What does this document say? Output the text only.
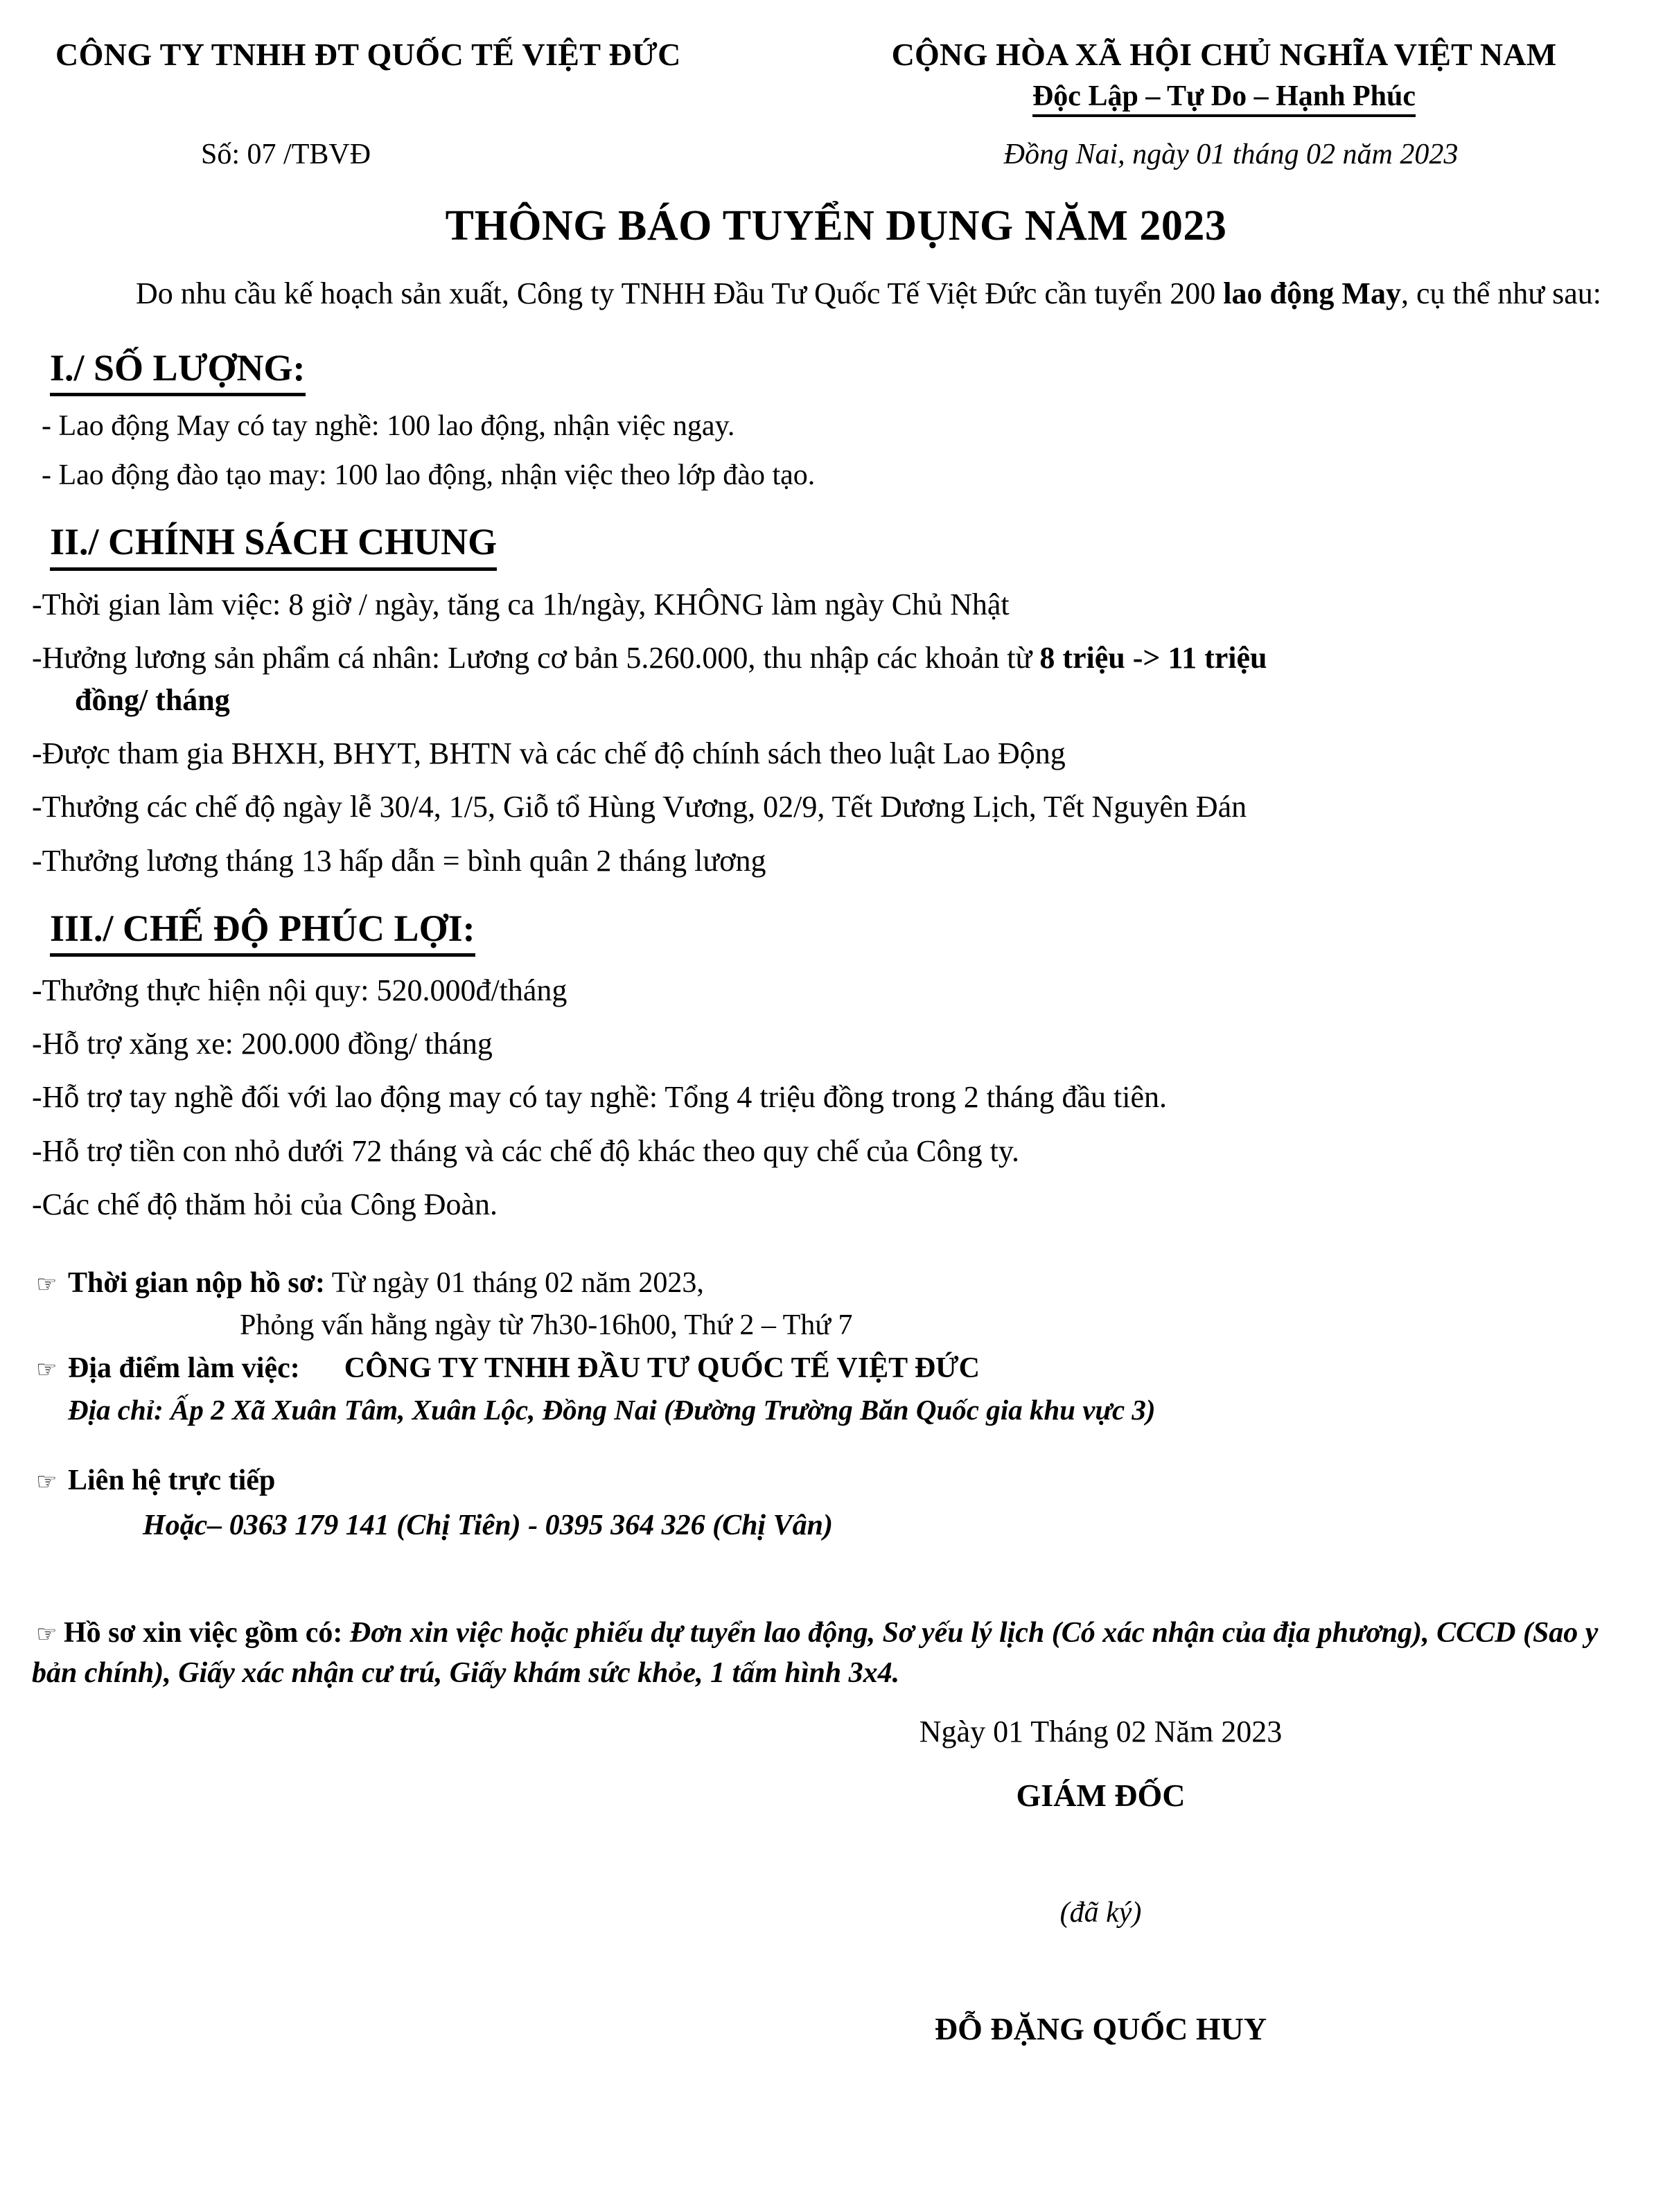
CÔNG TY TNHH ĐT QUỐC TẾ VIỆT ĐỨC	CỘNG HÒA XÃ HỘI CHỦ NGHĨA VIỆT NAM
Độc Lập – Tự Do – Hạnh Phúc
Số: 07 /TBVĐ	Đồng Nai, ngày 01 tháng 02 năm 2023
THÔNG BÁO TUYỂN DỤNG NĂM 2023
Do nhu cầu kế hoạch sản xuất, Công ty TNHH Đầu Tư Quốc Tế Việt Đức cần tuyển 200 lao động May, cụ thể như sau:
I./ SỐ LƯỢNG:
- Lao động May có tay nghề: 100 lao động, nhận việc ngay.
- Lao động đào tạo may: 100 lao động, nhận việc theo lớp đào tạo.
II./ CHÍNH SÁCH CHUNG
-Thời gian làm việc: 8 giờ / ngày, tăng ca 1h/ngày, KHÔNG làm ngày Chủ Nhật
-Hưởng lương sản phẩm cá nhân: Lương cơ bản 5.260.000, thu nhập các khoản từ 8 triệu -> 11 triệu
đồng/ tháng
-Được tham gia BHXH, BHYT, BHTN và các chế độ chính sách theo luật Lao Động
-Thưởng các chế độ ngày lễ 30/4, 1/5, Giỗ tổ Hùng Vương, 02/9, Tết Dương Lịch, Tết Nguyên Đán
-Thưởng lương tháng 13 hấp dẫn = bình quân 2 tháng lương
III./ CHẾ ĐỘ PHÚC LỢI:
-Thưởng thực hiện nội quy: 520.000đ/tháng
-Hỗ trợ xăng xe: 200.000 đồng/ tháng
-Hỗ trợ tay nghề đối với lao động may có tay nghề: Tổng 4 triệu đồng trong 2 tháng đầu tiên.
-Hỗ trợ tiền con nhỏ dưới 72 tháng và các chế độ khác theo quy chế của Công ty.
-Các chế độ thăm hỏi của Công Đoàn.
☞ Thời gian nộp hồ sơ: Từ ngày 01 tháng 02 năm 2023,
Phỏng vấn hằng ngày từ 7h30-16h00, Thứ 2 – Thứ 7
☞ Địa điểm làm việc: CÔNG TY TNHH ĐẦU TƯ QUỐC TẾ VIỆT ĐỨC
Địa chỉ: Ấp 2 Xã Xuân Tâm, Xuân Lộc, Đồng Nai (Đường Trường Băn Quốc gia khu vực 3)
☞ Liên hệ trực tiếp
Hoặc– 0363 179 141 (Chị Tiên) - 0395 364 326 (Chị Vân)
☞ Hồ sơ xin việc gồm có: Đơn xin việc hoặc phiếu dự tuyển lao động, Sơ yếu lý lịch (Có xác nhận của địa phương), CCCD (Sao y bản chính), Giấy xác nhận cư trú, Giấy khám sức khỏe, 1 tấm hình 3x4.
Ngày 01 Tháng 02 Năm 2023
GIÁM ĐỐC
(đã ký)
ĐỖ ĐẶNG QUỐC HUY
